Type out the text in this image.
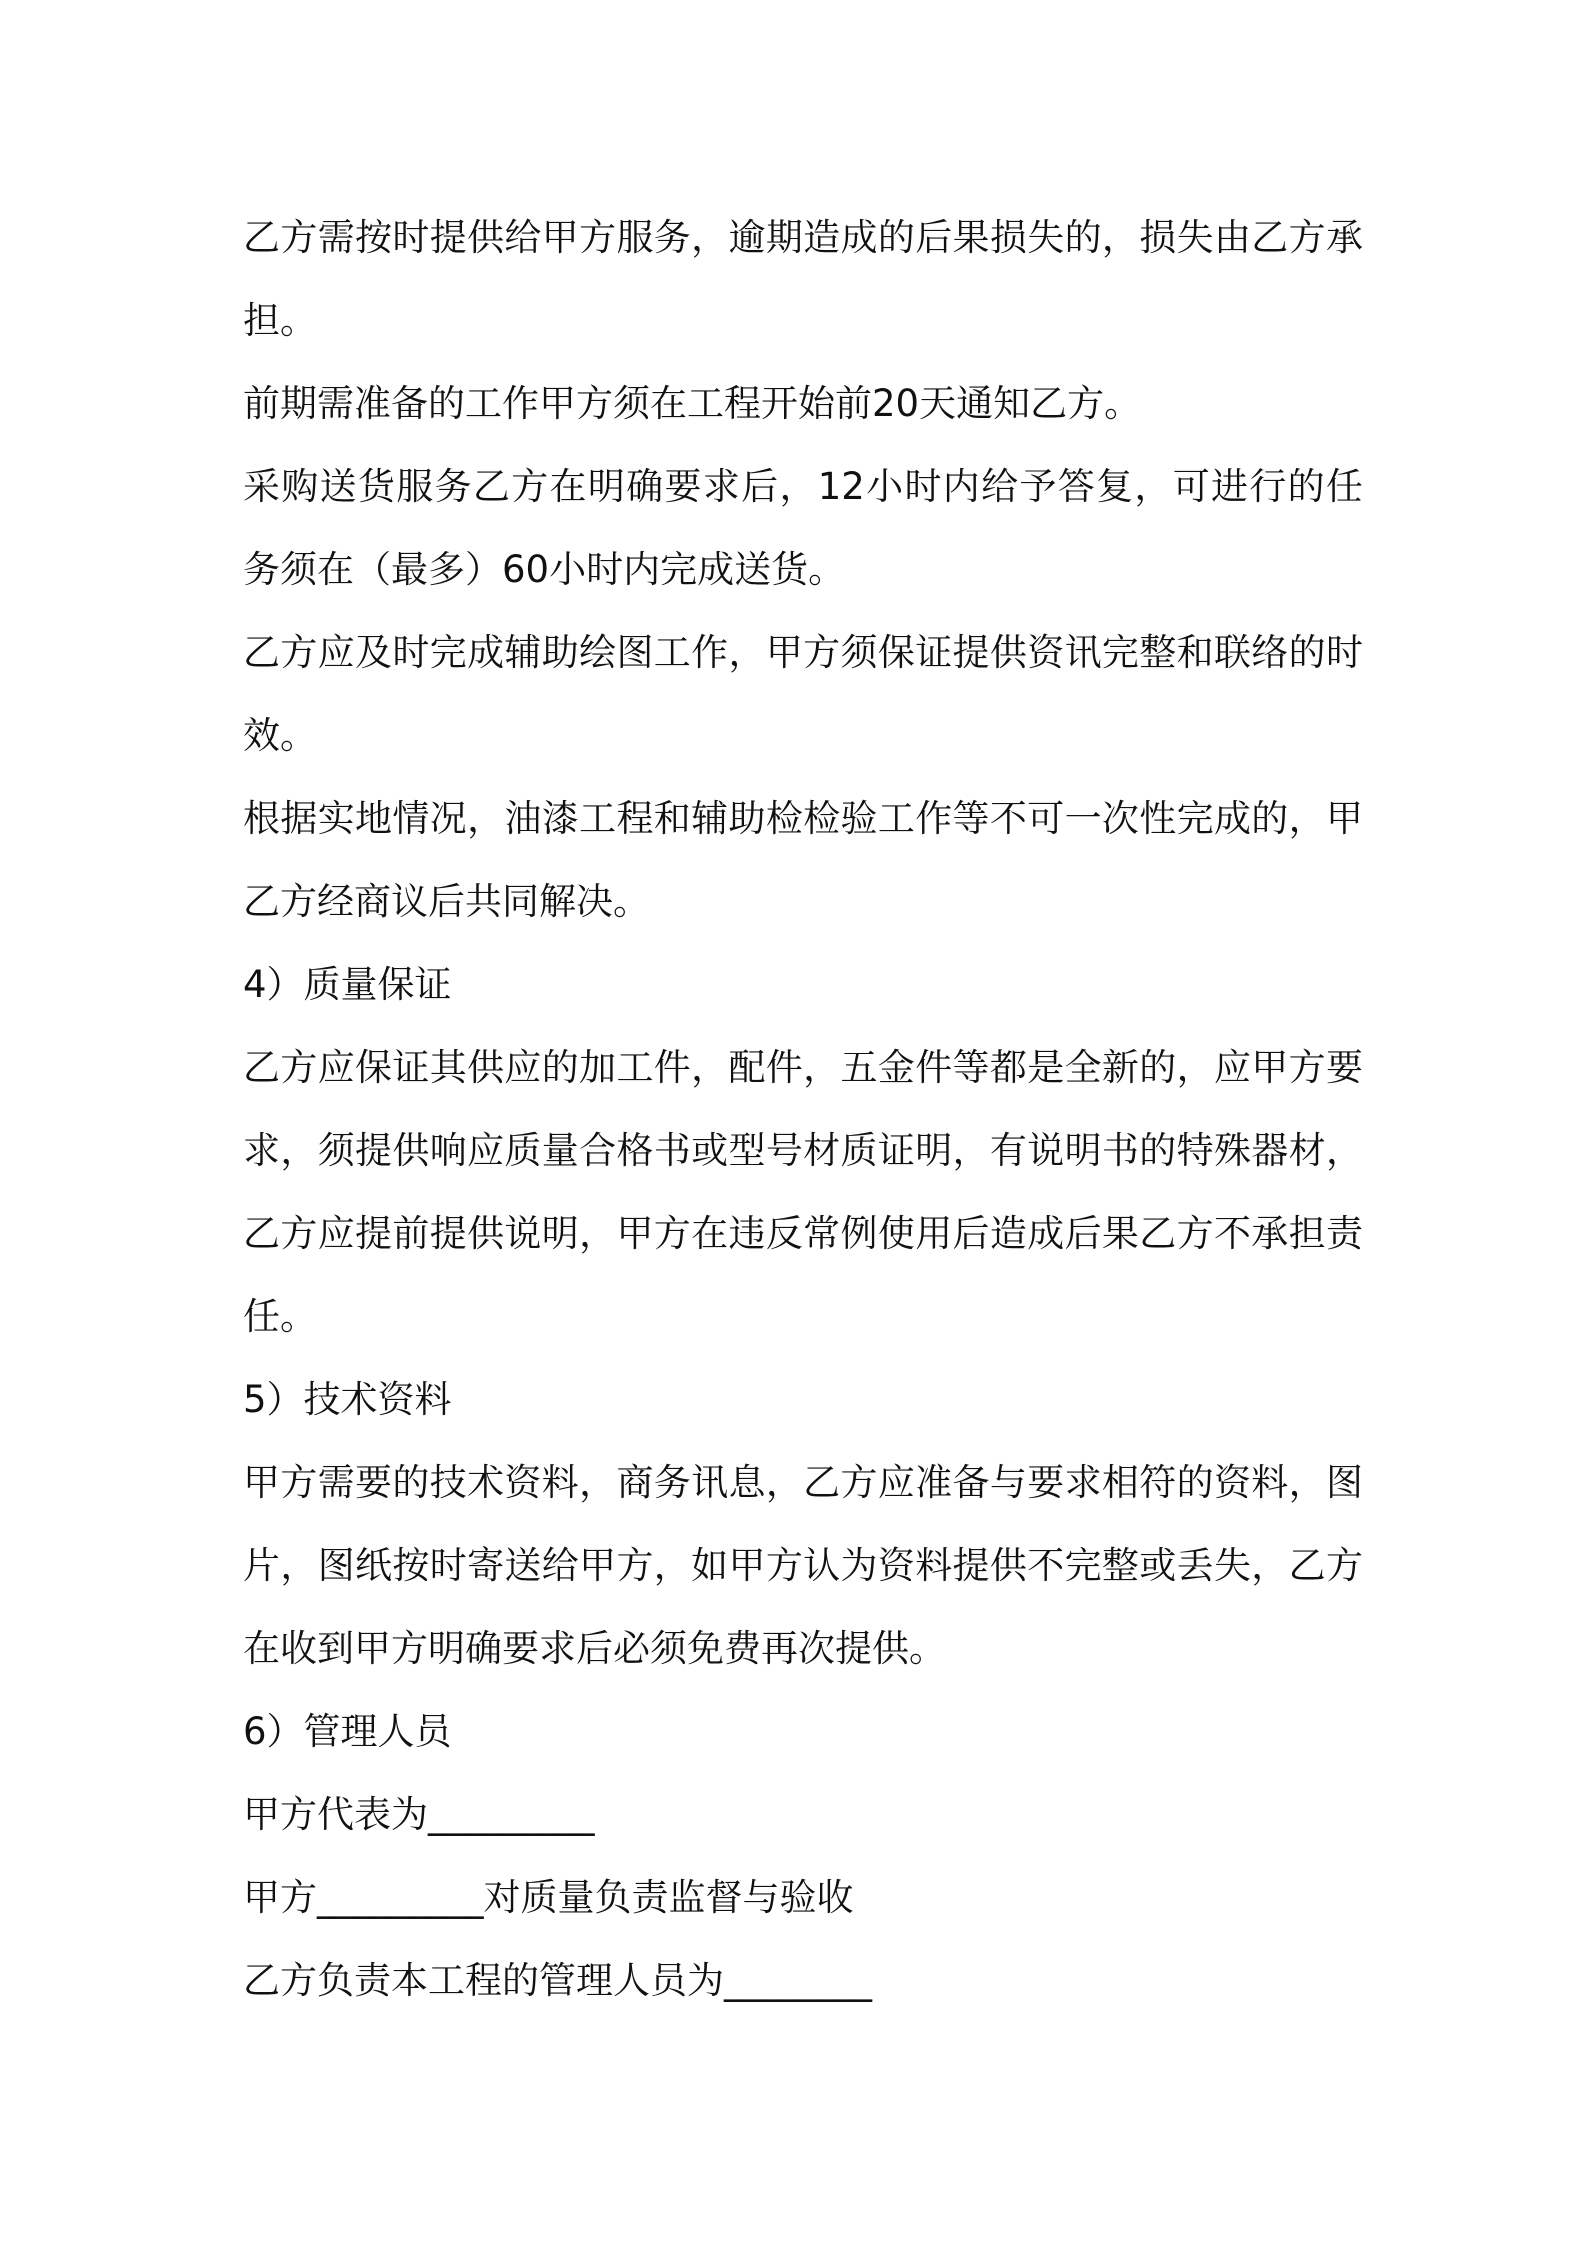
乙方需按时提供给甲方服务，逾期造成的后果损失的，损失由乙方承担。

前期需准备的工作甲方须在工程开始前20天通知乙方。

采购送货服务乙方在明确要求后，12小时内给予答复，可进行的任务须在（最多）60小时内完成送货。

乙方应及时完成辅助绘图工作，甲方须保证提供资讯完整和联络的时效。

根据实地情况，油漆工程和辅助检检验工作等不可一次性完成的，甲乙方经商议后共同解决。

4）质量保证

乙方应保证其供应的加工件，配件，五金件等都是全新的，应甲方要求，须提供响应质量合格书或型号材质证明，有说明书的特殊器材，乙方应提前提供说明，甲方在违反常例使用后造成后果乙方不承担责任。

5）技术资料

甲方需要的技术资料，商务讯息，乙方应准备与要求相符的资料，图片，图纸按时寄送给甲方，如甲方认为资料提供不完整或丢失，乙方在收到甲方明确要求后必须免费再次提供。

6）管理人员

甲方代表为_________

甲方_________对质量负责监督与验收

乙方负责本工程的管理人员为________
